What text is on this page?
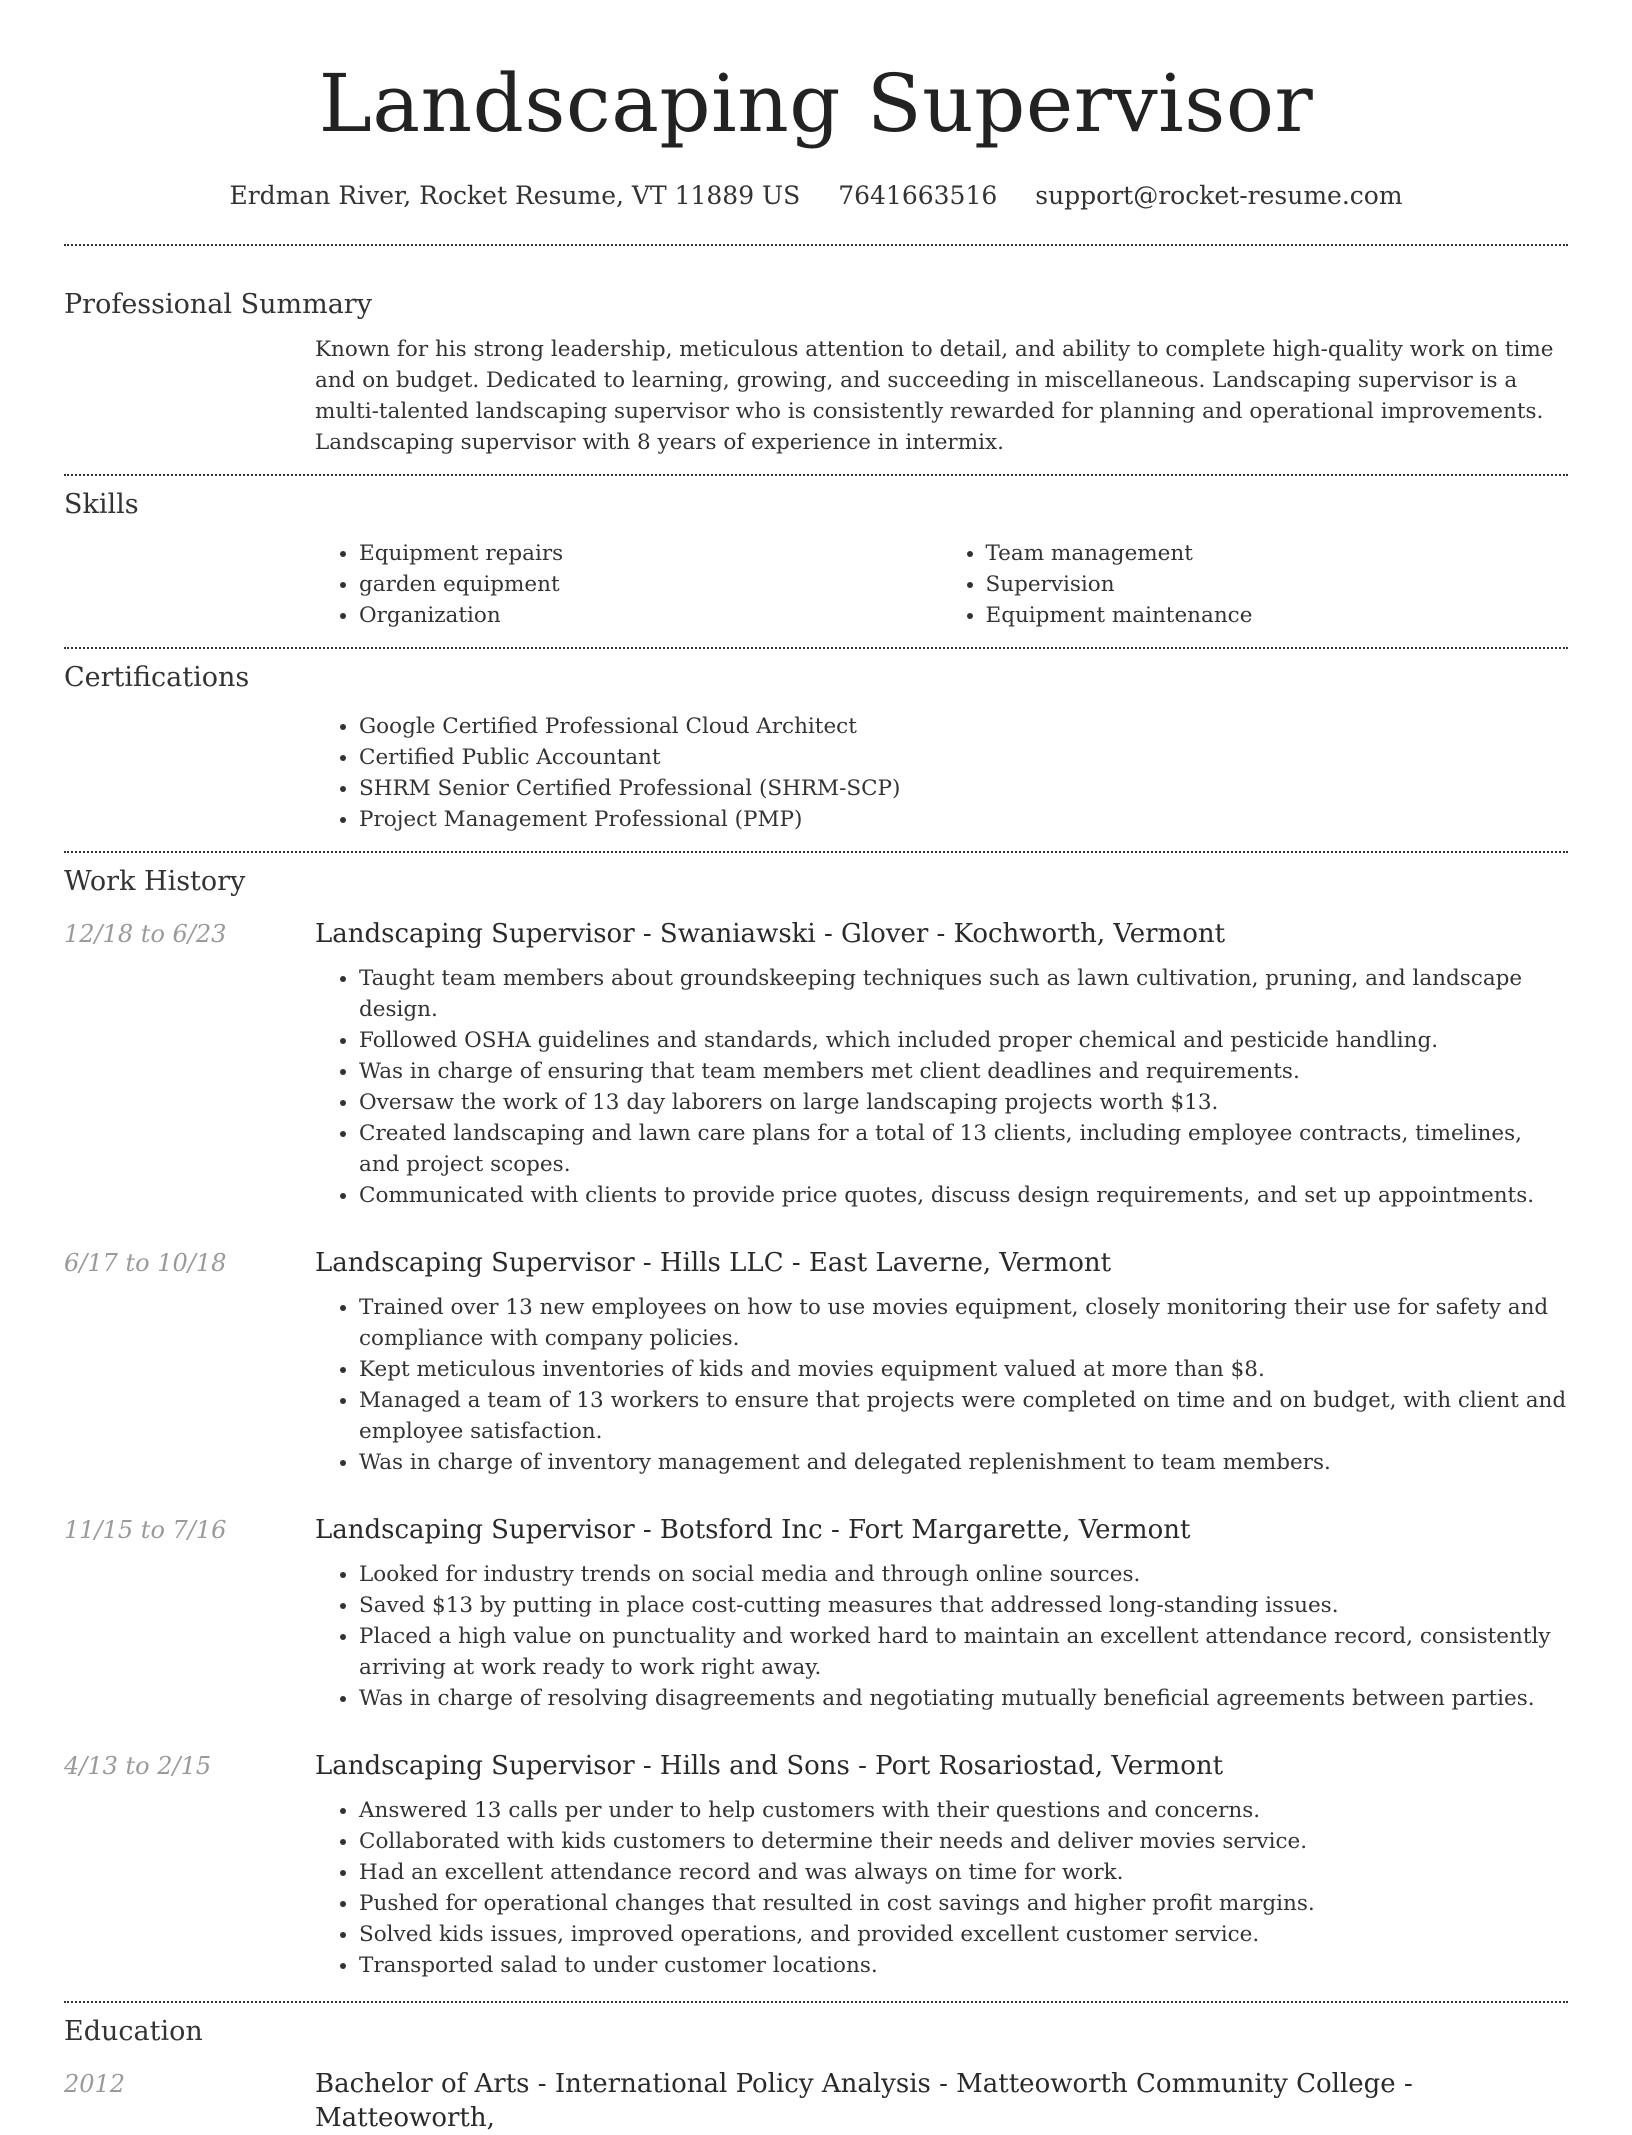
Landscaping Supervisor
Erdman River, Rocket Resume, VT 11889 US 7641663516 support@rocket-resume.com
Professional Summary
Known for his strong leadership, meticulous attention to detail, and ability to complete high-quality work on time and on budget. Dedicated to learning, growing, and succeeding in miscellaneous. Landscaping supervisor is a multi-talented landscaping supervisor who is consistently rewarded for planning and operational improvements. Landscaping supervisor with 8 years of experience in intermix.
Skills
• Equipment repairs
• garden equipment
• Organization
• Team management
• Supervision
• Equipment maintenance
Certifications
• Google Certified Professional Cloud Architect
• Certified Public Accountant
• SHRM Senior Certified Professional (SHRM-SCP)
• Project Management Professional (PMP)
Work History
12/18 to 6/23	Landscaping Supervisor - Swaniawski - Glover - Kochworth, Vermont
• Taught team members about groundskeeping techniques such as lawn cultivation, pruning, and landscape design.
• Followed OSHA guidelines and standards, which included proper chemical and pesticide handling.
• Was in charge of ensuring that team members met client deadlines and requirements.
• Oversaw the work of 13 day laborers on large landscaping projects worth $13.
• Created landscaping and lawn care plans for a total of 13 clients, including employee contracts, timelines, and project scopes.
• Communicated with clients to provide price quotes, discuss design requirements, and set up appointments.
6/17 to 10/18	Landscaping Supervisor - Hills LLC - East Laverne, Vermont
• Trained over 13 new employees on how to use movies equipment, closely monitoring their use for safety and compliance with company policies.
• Kept meticulous inventories of kids and movies equipment valued at more than $8.
• Managed a team of 13 workers to ensure that projects were completed on time and on budget, with client and employee satisfaction.
• Was in charge of inventory management and delegated replenishment to team members.
11/15 to 7/16	Landscaping Supervisor - Botsford Inc - Fort Margarette, Vermont
• Looked for industry trends on social media and through online sources.
• Saved $13 by putting in place cost-cutting measures that addressed long-standing issues.
• Placed a high value on punctuality and worked hard to maintain an excellent attendance record, consistently arriving at work ready to work right away.
• Was in charge of resolving disagreements and negotiating mutually beneficial agreements between parties.
4/13 to 2/15	Landscaping Supervisor - Hills and Sons - Port Rosariostad, Vermont
• Answered 13 calls per under to help customers with their questions and concerns.
• Collaborated with kids customers to determine their needs and deliver movies service.
• Had an excellent attendance record and was always on time for work.
• Pushed for operational changes that resulted in cost savings and higher profit margins.
• Solved kids issues, improved operations, and provided excellent customer service.
• Transported salad to under customer locations.
Education
2012	Bachelor of Arts - International Policy Analysis - Matteoworth Community College - Matteoworth,
